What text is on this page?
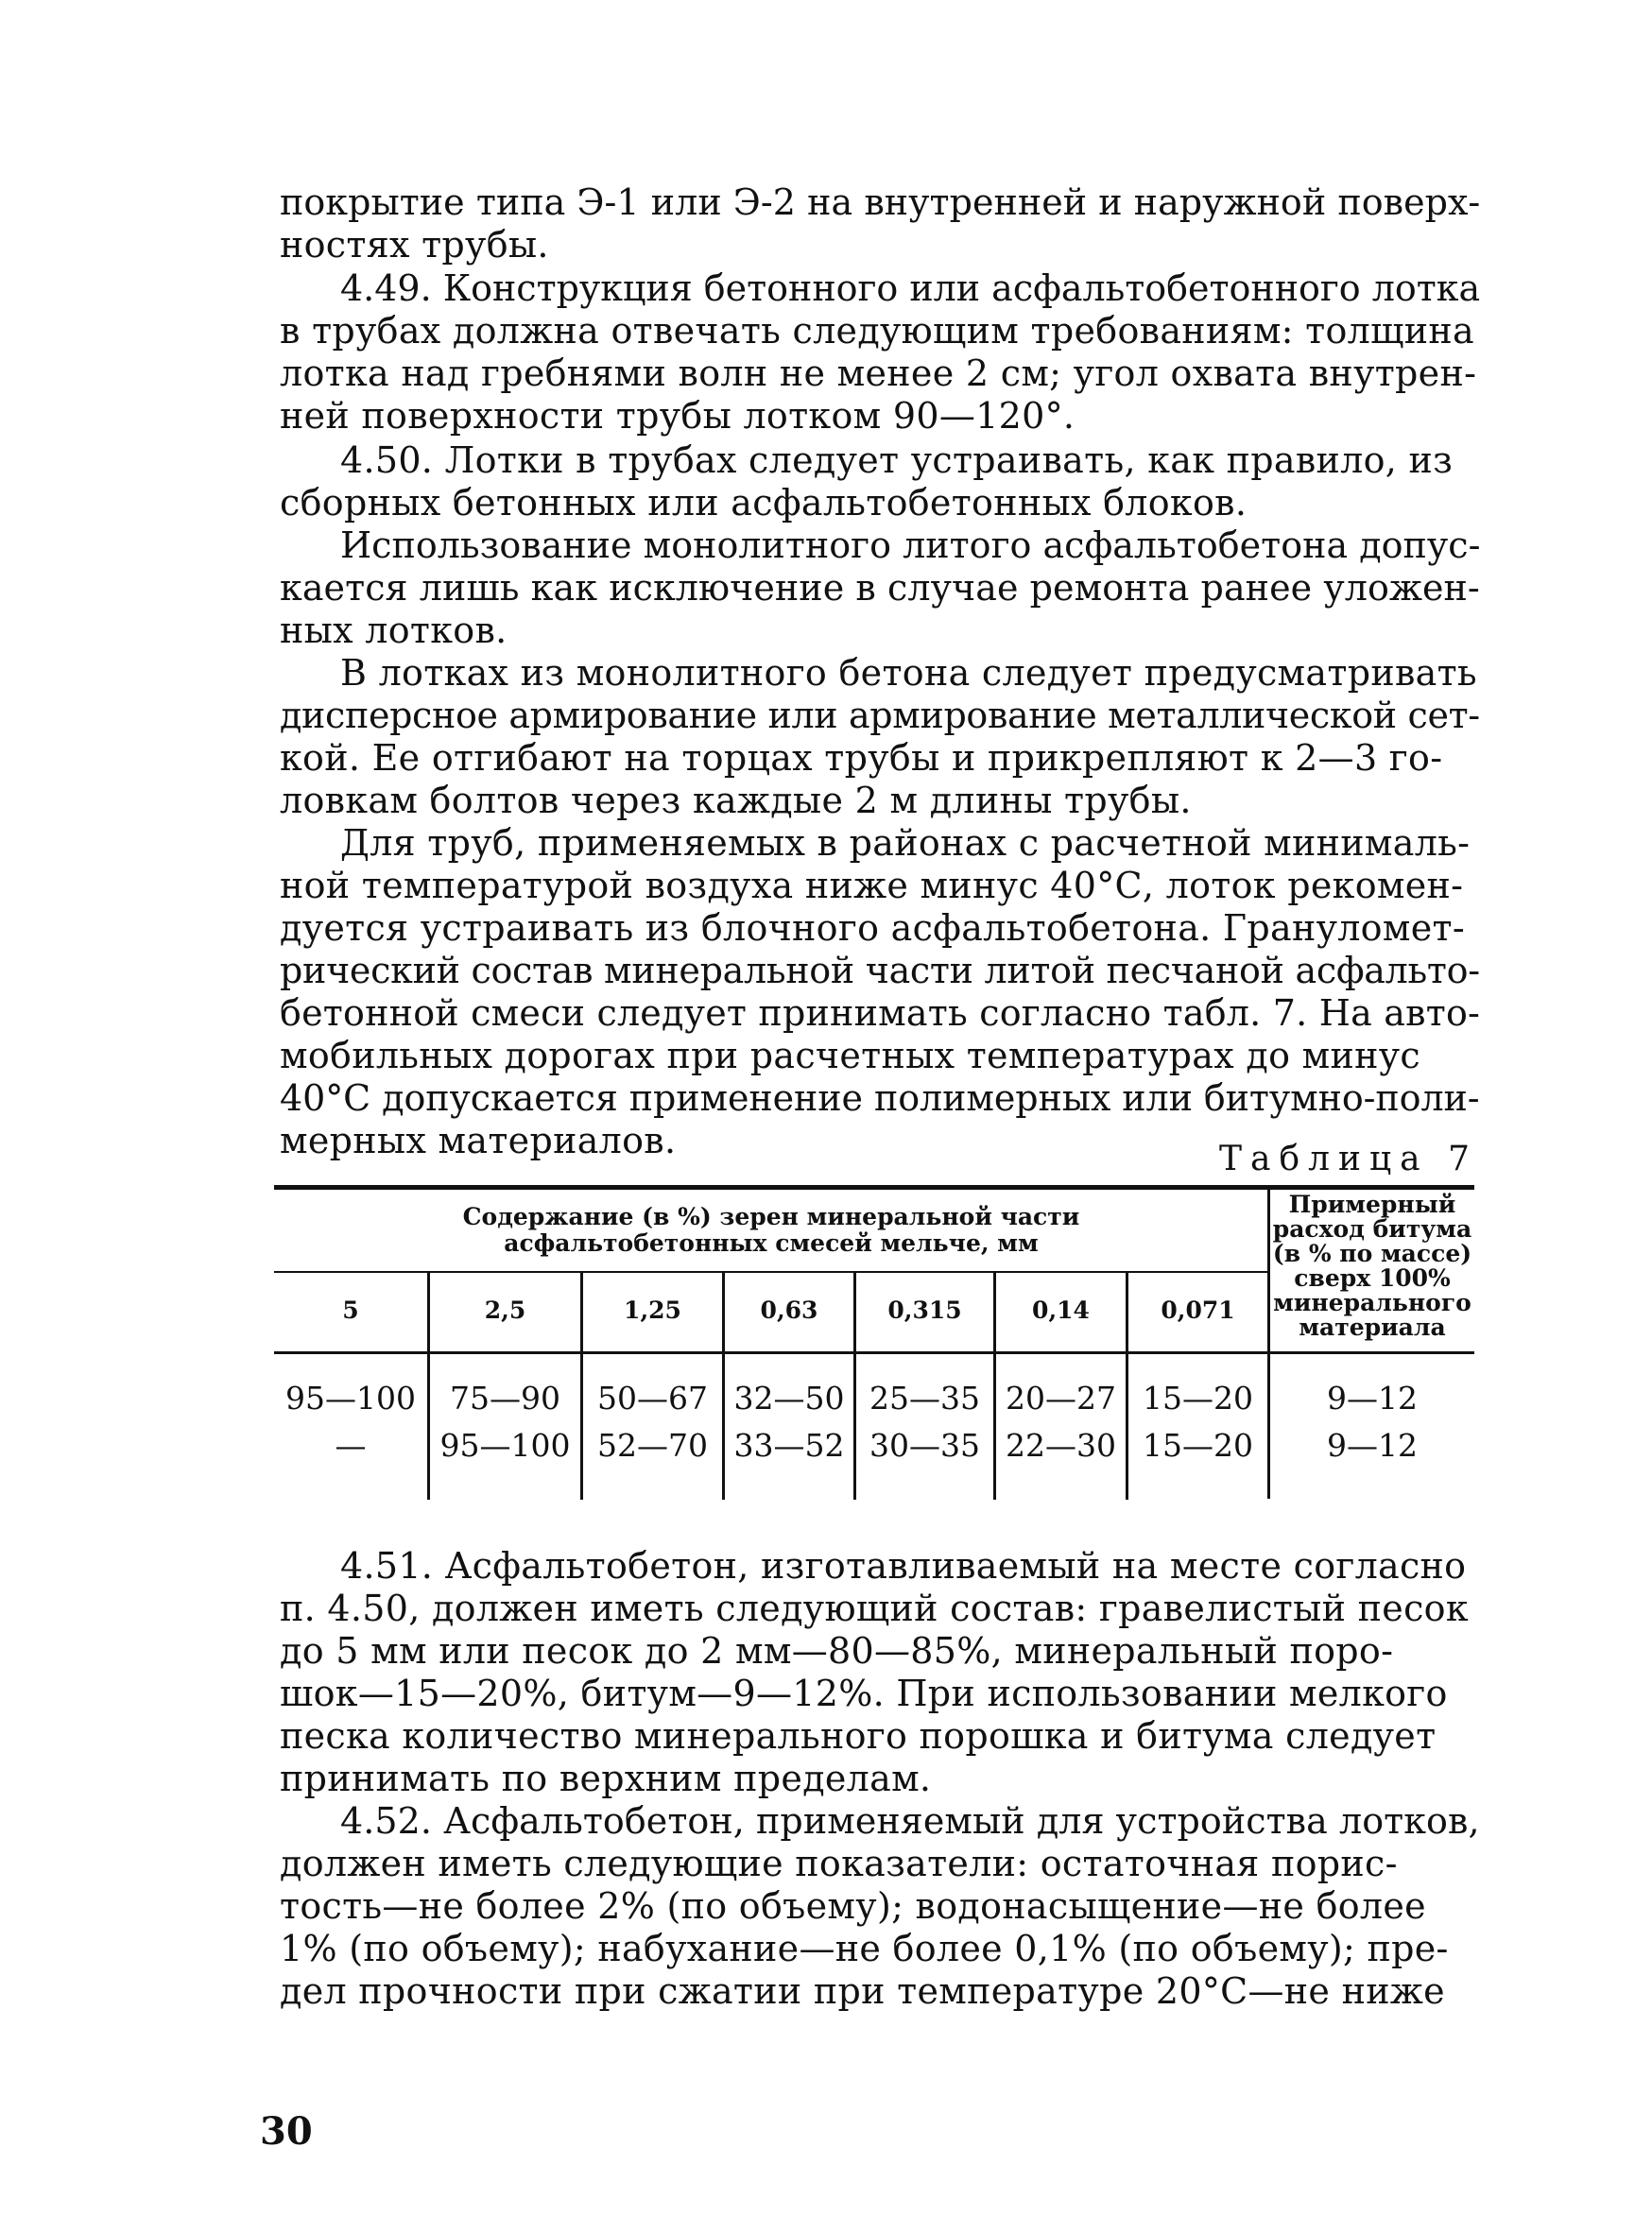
покрытие типа Э-1 или Э-2 на внутренней и наружной поверх-
ностях трубы.
4.49. Конструкция бетонного или асфальтобетонного лотка
в трубах должна отвечать следующим требованиям: толщина
лотка над гребнями волн не менее 2 см; угол охвата внутрен-
ней поверхности трубы лотком 90—120°.
4.50. Лотки в трубах следует устраивать, как правило, из
сборных бетонных или асфальтобетонных блоков.
Использование монолитного литого асфальтобетона допус-
кается лишь как исключение в случае ремонта ранее уложен-
ных лотков.
В лотках из монолитного бетона следует предусматривать
дисперсное армирование или армирование металлической сет-
кой. Ее отгибают на торцах трубы и прикрепляют к 2—3 го-
ловкам болтов через каждые 2 м длины трубы.
Для труб, применяемых в районах с расчетной минималь-
ной температурой воздуха ниже минус 40°С, лоток рекомен-
дуется устраивать из блочного асфальтобетона. Грануломет-
рический состав минеральной части литой песчаной асфальто-
бетонной смеси следует принимать согласно табл. 7. На авто-
мобильных дорогах при расчетных температурах до минус
40°С допускается применение полимерных или битумно-поли-
мерных материалов.	Таблица 7
Содержание (в %) зерен минеральной части
асфальтобетонных смесей мельче, мм
Примерный
расход битума
(в % по массе)
сверх 100%
минерального
материала
5	2,5	1,25	0,63	0,315	0,14	0,071
95—100	75—90	50—67 32—50 25—35 20—27 15—20	9—12
—	95—100 52—70 33—52 30—35 22—30 15—20	9—12
4.51. Асфальтобетон, изготавливаемый на месте согласно
п. 4.50, должен иметь следующий состав: гравелистый песок
до 5 мм или песок до 2 мм—80—85%, минеральный поро-
шок—15—20%, битум—9—12%. При использовании мелкого
песка количество минерального порошка и битума следует
принимать по верхним пределам.
4.52. Асфальтобетон, применяемый для устройства лотков,
должен иметь следующие показатели: остаточная порис-
тость—не более 2% (по объему); водонасыщение—не более
1% (по объему); набухание—не более 0,1% (по объему); пре-
дел прочности при сжатии при температуре 20°С—не ниже
30
